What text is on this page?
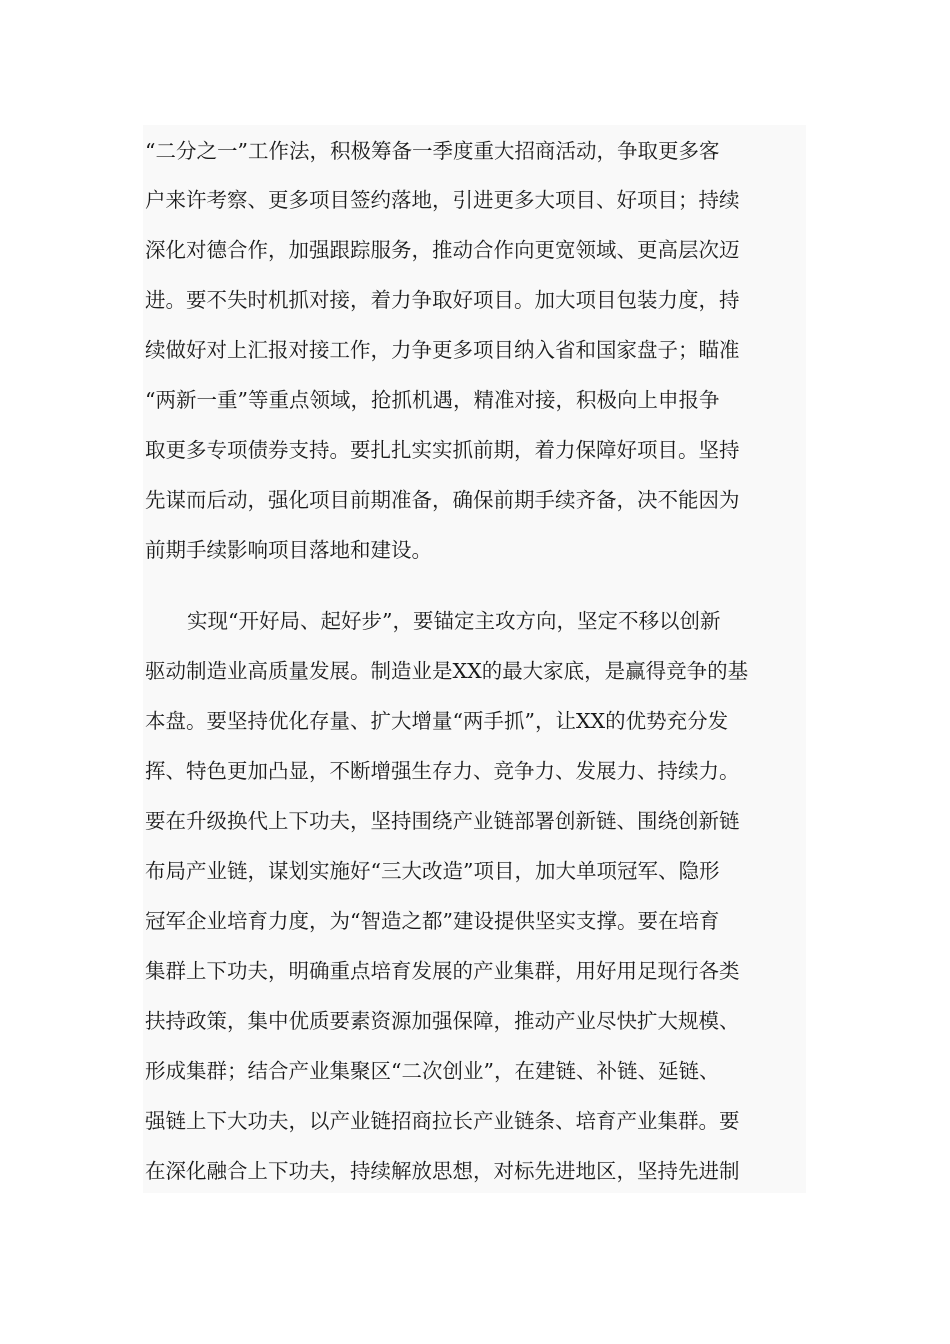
“二分之一”工作法，积极筹备一季度重大招商活动，争取更多客
户来许考察、更多项目签约落地，引进更多大项目、好项目；持续
深化对德合作，加强跟踪服务，推动合作向更宽领域、更高层次迈
进。要不失时机抓对接，着力争取好项目。加大项目包装力度，持
续做好对上汇报对接工作，力争更多项目纳入省和国家盘子；瞄准
“两新一重”等重点领域，抢抓机遇，精准对接，积极向上申报争
取更多专项债券支持。要扎扎实实抓前期，着力保障好项目。坚持
先谋而后动，强化项目前期准备，确保前期手续齐备，决不能因为
前期手续影响项目落地和建设。
实现“开好局、起好步”，要锚定主攻方向，坚定不移以创新
驱动制造业高质量发展。制造业是XX的最大家底，是赢得竞争的基
本盘。要坚持优化存量、扩大增量“两手抓”，让XX的优势充分发
挥、特色更加凸显，不断增强生存力、竞争力、发展力、持续力。
要在升级换代上下功夫，坚持围绕产业链部署创新链、围绕创新链
布局产业链，谋划实施好“三大改造”项目，加大单项冠军、隐形
冠军企业培育力度，为“智造之都”建设提供坚实支撑。要在培育
集群上下功夫，明确重点培育发展的产业集群，用好用足现行各类
扶持政策，集中优质要素资源加强保障，推动产业尽快扩大规模、
形成集群；结合产业集聚区“二次创业”，在建链、补链、延链、
强链上下大功夫，以产业链招商拉长产业链条、培育产业集群。要
在深化融合上下功夫，持续解放思想，对标先进地区，坚持先进制
